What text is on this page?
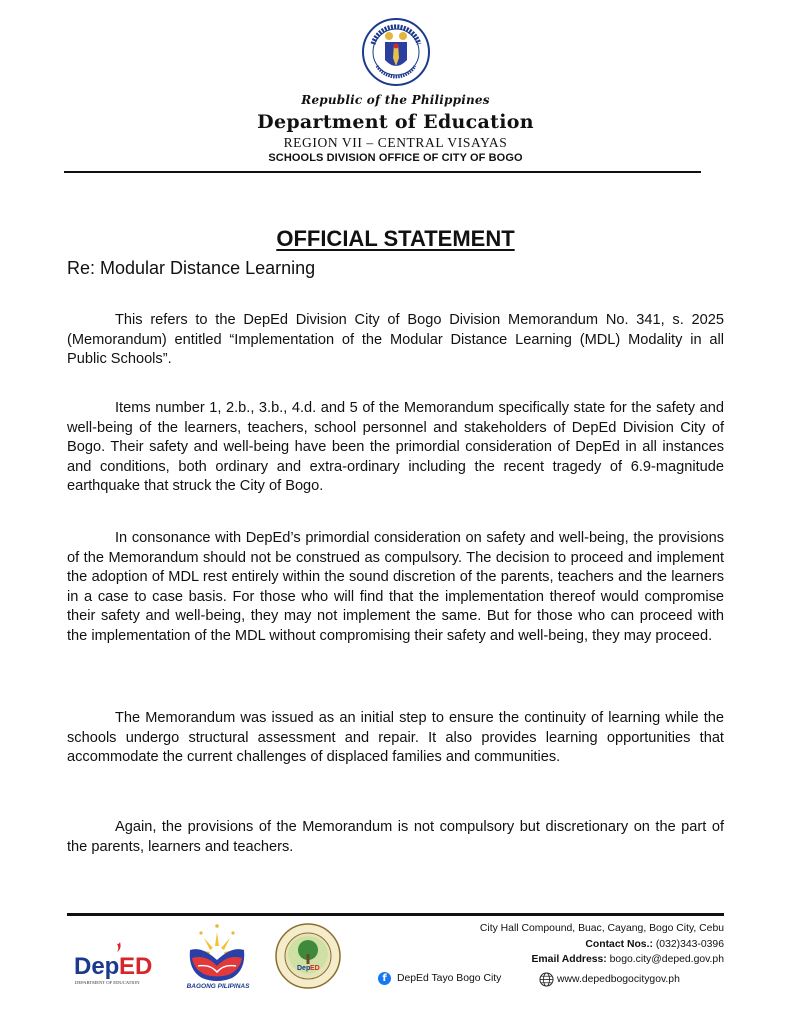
Republic of the Philippines
Department of Education
REGION VII – CENTRAL VISAYAS
SCHOOLS DIVISION OFFICE OF CITY OF BOGO
OFFICIAL STATEMENT
Re: Modular Distance Learning
This refers to the DepEd Division City of Bogo Division Memorandum No. 341, s. 2025 (Memorandum) entitled “Implementation of the Modular Distance Learning (MDL) Modality in all Public Schools”.
Items number 1, 2.b., 3.b., 4.d. and 5 of the Memorandum specifically state for the safety and well-being of the learners, teachers, school personnel and stakeholders of DepEd Division City of Bogo. Their safety and well-being have been the primordial consideration of DepEd in all instances and conditions, both ordinary and extra-ordinary including the recent tragedy of 6.9-magnitude earthquake that struck the City of Bogo.
In consonance with DepEd’s primordial consideration on safety and well-being, the provisions of the Memorandum should not be construed as compulsory. The decision to proceed and implement the adoption of MDL rest entirely within the sound discretion of the parents, teachers and the learners in a case to case basis. For those who will find that the implementation thereof would compromise their safety and well-being, they may not implement the same. But for those who can proceed with the implementation of the MDL without compromising their safety and well-being, they may proceed.
The Memorandum was issued as an initial step to ensure the continuity of learning while the schools undergo structural assessment and repair. It also provides learning opportunities that accommodate the current challenges of displaced families and communities.
Again, the provisions of the Memorandum is not compulsory but discretionary on the part of the parents, learners and teachers.
Dep ED
DEPARTMENT OF EDUCATION
BAGONG PILIPINAS
Dep ED
City Hall Compound, Buac, Cayang, Bogo City, Cebu
Contact Nos.: (032)343-0396
Email Address: bogo.city@deped.gov.ph
f DepEd Tayo Bogo City	www.depedbogocitygov.ph
